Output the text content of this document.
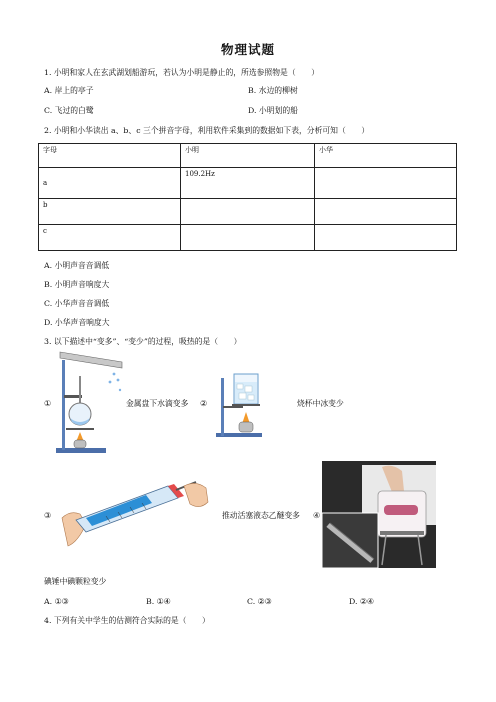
物理试题
1. 小明和家人在玄武湖划船游玩，若认为小明是静止的，所选参照物是（　　）
A. 岸上的亭子	B. 水边的柳树
C. 飞过的白鹭	D. 小明划的船
2. 小明和小华读出 a、b、c 三个拼音字母，利用软件采集到的数据如下表，分析可知（　　）
字母	小明	小华
a	109.2Hz	
b		
c		
A. 小明声音音调低
B. 小明声音响度大
C. 小华声音音调低
D. 小华声音响度大
3. 以下描述中“变多”、“变少”的过程，吸热的是（　　）
①	金属盘下水滴变多 ②	烧杯中冰变少
③	推动活塞液态乙醚变多 ④
碘锤中碘颗粒变少
A. ①③	B. ①④	C. ②③	D. ②④
4. 下列有关中学生的估测符合实际的是（　　）
